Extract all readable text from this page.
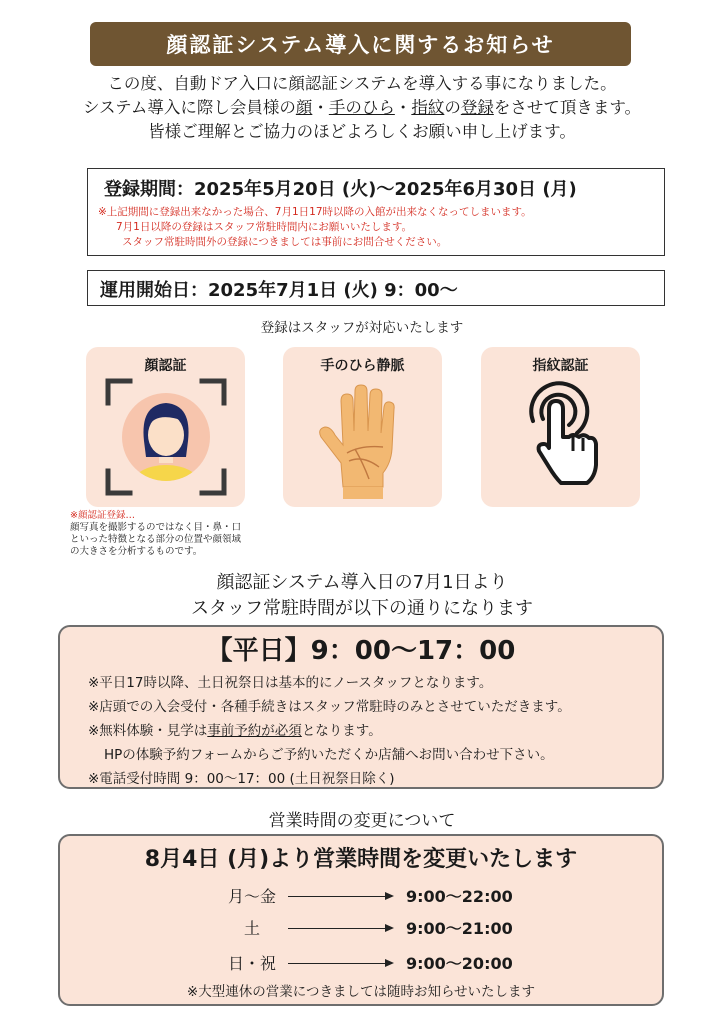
顔認証システム導入に関するお知らせ
この度、自動ドア入口に顔認証システムを導入する事になりました。
システム導入に際し会員様の顔・手のひら・指紋の登録をさせて頂きます。
皆様ご理解とご協力のほどよろしくお願い申し上げます。
登録期間：2025年5月20日 (火)～2025年6月30日 (月)
※上記期間に登録出来なかった場合、7月1日17時以降の入館が出来なくなってしまいます。
7月1日以降の登録はスタッフ常駐時間内にお願いいたします。
スタッフ常駐時間外の登録につきましては事前にお問合せください。
運用開始日：2025年7月1日 (火) 9：00～
登録はスタッフが対応いたします
顔認証	手のひら静脈	指紋認証
※顔認証登録…
顔写真を撮影するのではなく目・鼻・口
といった特徴となる部分の位置や顔領域
の大きさを分析するものです。
顔認証システム導入日の7月1日より
スタッフ常駐時間が以下の通りになります
【平日】9：00～17：00
※平日17時以降、土日祝祭日は基本的にノースタッフとなります。
※店頭での入会受付・各種手続きはスタッフ常駐時のみとさせていただきます。
※無料体験・見学は事前予約が必須となります。
HPの体験予約フォームからご予約いただくか店舗へお問い合わせ下さい。
※電話受付時間 9：00～17：00 (土日祝祭日除く)
営業時間の変更について
8月4日 (月)より営業時間を変更いたします
月～金	9:00～22:00
土	9:00～21:00
日・祝	9:00～20:00
※大型連休の営業につきましては随時お知らせいたします
